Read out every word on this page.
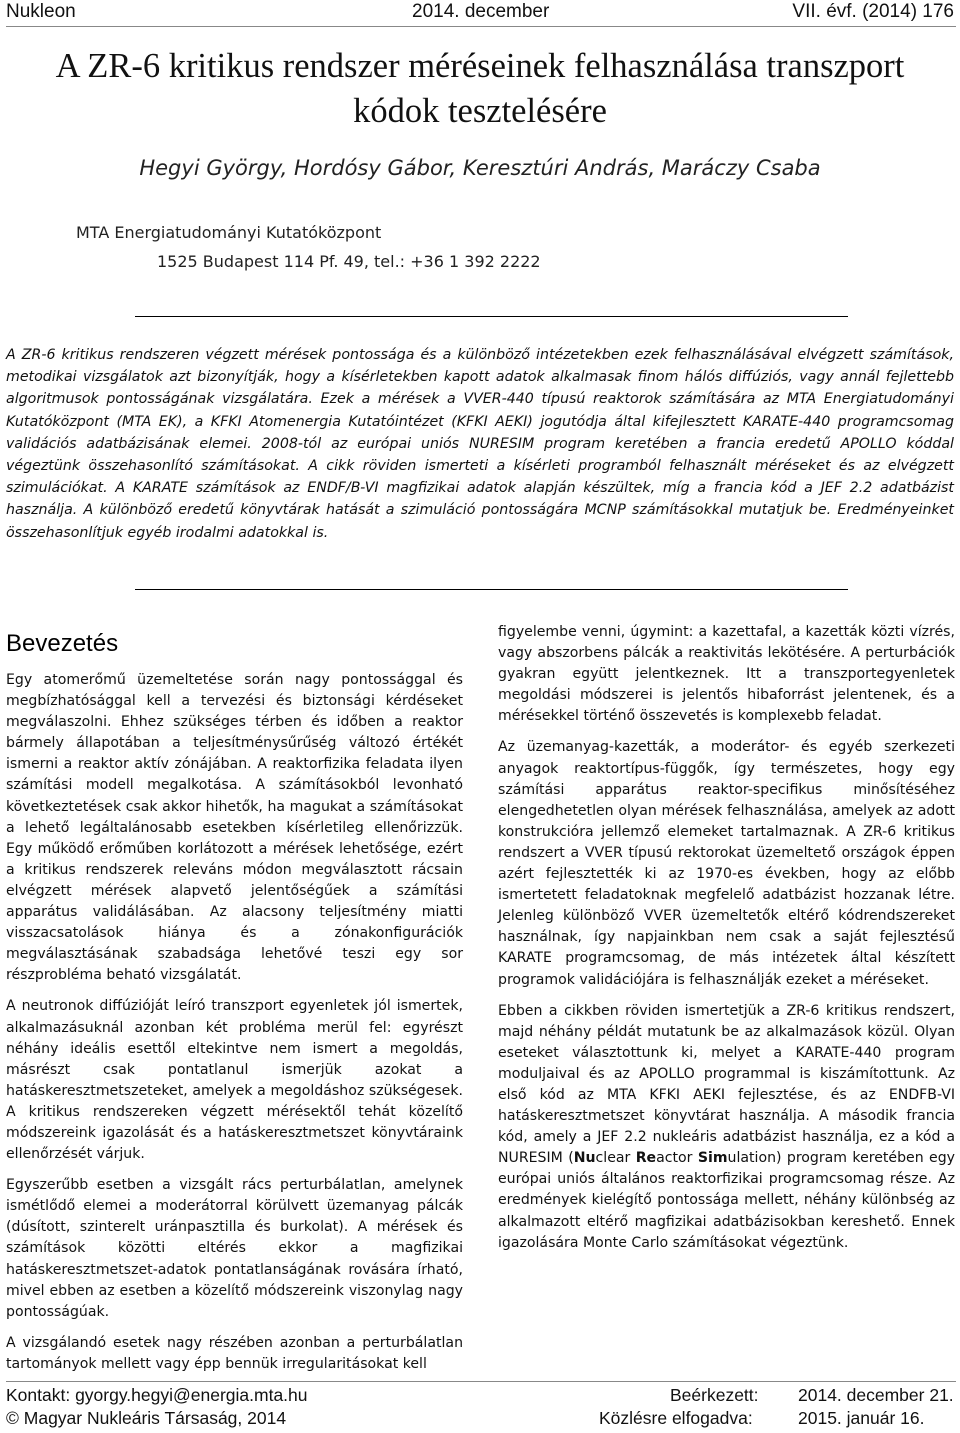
Nukleon	2014. december	VII. évf. (2014) 176
A ZR-6 kritikus rendszer méréseinek felhasználása transzport
kódok tesztelésére
Hegyi György, Hordósy Gábor, Keresztúri András, Maráczy Csaba
MTA Energiatudományi Kutatóközpont
1525 Budapest 114 Pf. 49, tel.: +36 1 392 2222
A ZR-6 kritikus rendszeren végzett mérések pontossága és a különböző intézetekben ezek felhasználásával elvégzett számítások, metodikai vizsgálatok azt bizonyítják, hogy a kísérletekben kapott adatok alkalmasak finom hálós diffúziós, vagy annál fejlettebb algoritmusok pontosságának vizsgálatára. Ezek a mérések a VVER-440 típusú reaktorok számítására az MTA Energiatudományi Kutatóközpont (MTA EK), a KFKI Atomenergia Kutatóintézet (KFKI AEKI) jogutódja által kifejlesztett KARATE-440 programcsomag validációs adatbázisának elemei. 2008-tól az európai uniós NURESIM program keretében a francia eredetű APOLLO kóddal végeztünk összehasonlító számításokat. A cikk röviden ismerteti a kísérleti programból felhasznált méréseket és az elvégzett szimulációkat. A KARATE számítások az ENDF/B-VI magfizikai adatok alapján készültek, míg a francia kód a JEF 2.2 adatbázist használja. A különböző eredetű könyvtárak hatását a szimuláció pontosságára MCNP számításokkal mutatjuk be. Eredményeinket összehasonlítjuk egyéb irodalmi adatokkal is.
Bevezetés

Egy atomerőmű üzemeltetése során nagy pontossággal és megbízhatósággal kell a tervezési és biztonsági kérdéseket megválaszolni. Ehhez szükséges térben és időben a reaktor bármely állapotában a teljesítménysűrűség változó értékét ismerni a reaktor aktív zónájában. A reaktorfizika feladata ilyen számítási modell megalkotása. A számításokból levonható következtetések csak akkor hihetők, ha magukat a számításokat a lehető legáltalánosabb esetekben kísérletileg ellenőrizzük. Egy működő erőműben korlátozott a mérések lehetősége, ezért a kritikus rendszerek releváns módon megválasztott rácsain elvégzett mérések alapvető jelentőségűek a számítási apparátus validálásában. Az alacsony teljesítmény miatti visszacsatolások hiánya és a zónakonfigurációk megválasztásának szabadsága lehetővé teszi egy sor részprobléma beható vizsgálatát.

A neutronok diffúzióját leíró transzport egyenletek jól ismertek, alkalmazásuknál azonban két probléma merül fel: egyrészt néhány ideális esettől eltekintve nem ismert a megoldás, másrészt csak pontatlanul ismerjük azokat a hatáskeresztmetszeteket, amelyek a megoldáshoz szükségesek. A kritikus rendszereken végzett mérésektől tehát közelítő módszereink igazolását és a hatáskeresztmetszet könyvtáraink ellenőrzését várjuk.

Egyszerűbb esetben a vizsgált rács perturbálatlan, amelynek ismétlődő elemei a moderátorral körülvett üzemanyag pálcák (dúsított, szinterelt uránpasztilla és burkolat). A mérések és számítások közötti eltérés ekkor a magfizikai hatáskeresztmetszet-adatok pontatlanságának rovására írható, mivel ebben az esetben a közelítő módszereink viszonylag nagy pontosságúak.

A vizsgálandó esetek nagy részében azonban a perturbálatlan tartományok mellett vagy épp bennük irregularitásokat kell

figyelembe venni, úgymint: a kazettafal, a kazetták közti vízrés, vagy abszorbens pálcák a reaktivitás lekötésére. A perturbációk gyakran együtt jelentkeznek. Itt a transzportegyenletek megoldási módszerei is jelentős hibaforrást jelentenek, és a mérésekkel történő összevetés is komplexebb feladat.

Az üzemanyag-kazetták, a moderátor- és egyéb szerkezeti anyagok reaktortípus-függők, így természetes, hogy egy számítási apparátus reaktor-specifikus minősítéséhez elengedhetetlen olyan mérések felhasználása, amelyek az adott konstrukcióra jellemző elemeket tartalmaznak. A ZR-6 kritikus rendszert a VVER típusú rektorokat üzemeltető országok éppen azért fejlesztették ki az 1970-es években, hogy az előbb ismertetett feladatoknak megfelelő adatbázist hozzanak létre. Jelenleg különböző VVER üzemeltetők eltérő kódrendszereket használnak, így napjainkban nem csak a saját fejlesztésű KARATE programcsomag, de más intézetek által készített programok validációjára is felhasználják ezeket a méréseket.

Ebben a cikkben röviden ismertetjük a ZR-6 kritikus rendszert, majd néhány példát mutatunk be az alkalmazások közül. Olyan eseteket választottunk ki, melyet a KARATE-440 program moduljaival és az APOLLO programmal is kiszámítottunk. Az első kód az MTA KFKI AEKI fejlesztése, és az ENDFB-VI hatáskeresztmetszet könyvtárat használja. A második francia kód, amely a JEF 2.2 nukleáris adatbázist használja, ez a kód a NURESIM (Nuclear Reactor Simulation) program keretében egy európai uniós általános reaktorfizikai programcsomag része. Az eredmények kielégítő pontossága mellett, néhány különbség az alkalmazott eltérő magfizikai adatbázisokban kereshető. Ennek igazolására Monte Carlo számításokat végeztünk.

Kontakt: gyorgy.hegyi@energia.mta.hu
© Magyar Nukleáris Társaság, 2014
Beérkezett: 2014. december 21.
Közlésre elfogadva:	2015. január 16.
